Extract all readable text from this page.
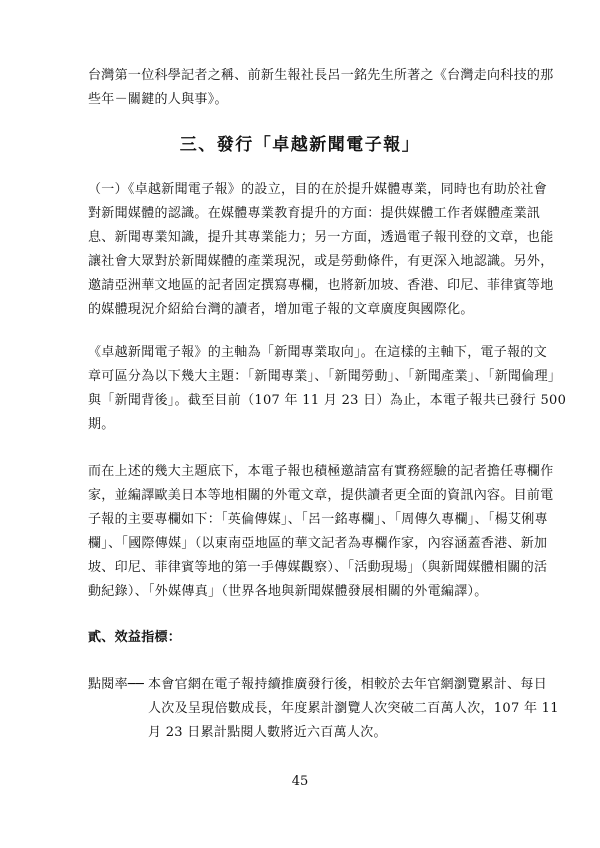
台灣第一位科學記者之稱、前新生報社長呂一銘先生所著之《台灣走向科技的那
些年－關鍵的人與事》。
三、發行「卓越新聞電子報」
（一）《卓越新聞電子報》的設立，目的在於提升媒體專業，同時也有助於社會
對新聞媒體的認識。在媒體專業教育提升的方面：提供媒體工作者媒體產業訊
息、新聞專業知識，提升其專業能力；另一方面，透過電子報刊登的文章，也能
讓社會大眾對於新聞媒體的產業現況，或是勞動條件，有更深入地認識。另外，
邀請亞洲華文地區的記者固定撰寫專欄，也將新加坡、香港、印尼、菲律賓等地
的媒體現況介紹給台灣的讀者，增加電子報的文章廣度與國際化。
《卓越新聞電子報》的主軸為「新聞專業取向」。在這樣的主軸下，電子報的文
章可區分為以下幾大主題：「新聞專業」、「新聞勞動」、「新聞產業」、「新聞倫理」
與「新聞背後」。截至目前（107 年 11 月 23 日）為止，本電子報共已發行 500
期。
而在上述的幾大主題底下，本電子報也積極邀請富有實務經驗的記者擔任專欄作
家，並編譯歐美日本等地相關的外電文章，提供讀者更全面的資訊內容。目前電
子報的主要專欄如下：「英倫傳媒」、「呂一銘專欄」、「周傳久專欄」、「楊艾俐專
欄」、「國際傳媒」（以東南亞地區的華文記者為專欄作家，內容涵蓋香港、新加
坡、印尼、菲律賓等地的第一手傳媒觀察）、「活動現場」（與新聞媒體相關的活
動紀錄）、「外媒傳真」（世界各地與新聞媒體發展相關的外電編譯）。
貳、效益指標：
點閱率── 本會官網在電子報持續推廣發行後，相較於去年官網瀏覽累計、每日
人次及呈現倍數成長，年度累計瀏覽人次突破二百萬人次，107 年 11
月 23 日累計點閱人數將近六百萬人次。
45
